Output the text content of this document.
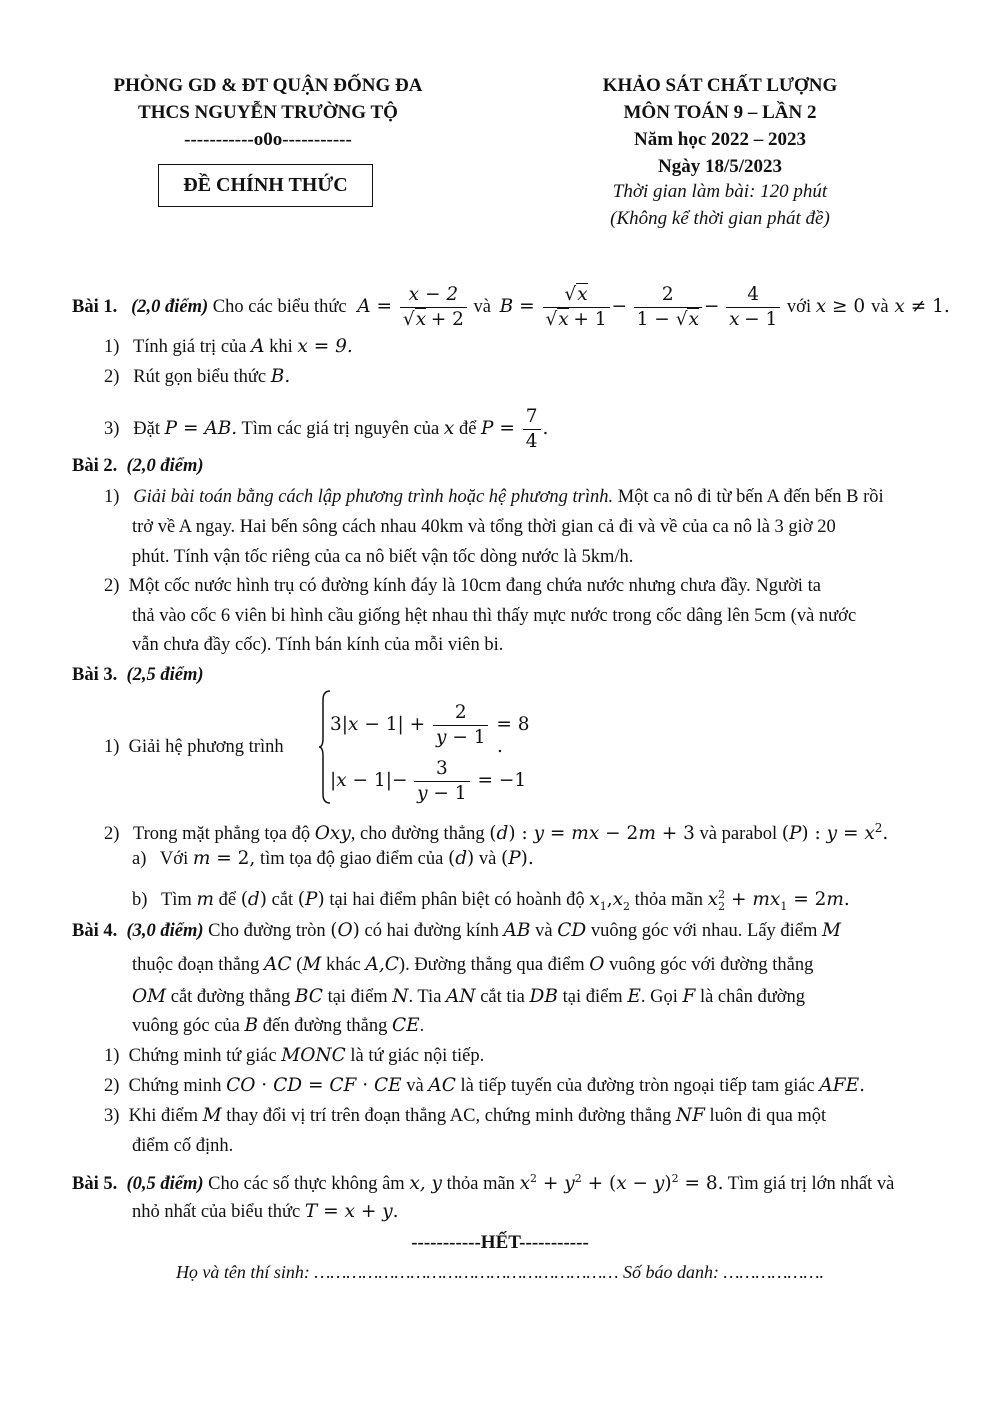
PHÒNG GD & ĐT QUẬN ĐỐNG ĐA
THCS NGUYỄN TRƯỜNG TỘ
-----------o0o-----------
ĐỀ CHÍNH THỨC
KHẢO SÁT CHẤT LƯỢNG
MÔN TOÁN 9 – LẦN 2
Năm học 2022 – 2023
Ngày 18/5/2023
Thời gian làm bài: 120 phút
(Không kể thời gian phát đề)
Bài 1. (2,0 điểm) Cho các biểu thức $A = \frac{x - 2}{√x + 2}$ và $B = \frac{√x}{√x + 1} - \frac{2}{1 - √x} - \frac{4}{x - 1}$ với x ≥ 0 và x ≠ 1.
1) Tính giá trị của A khi x = 9.
2) Rút gọn biểu thức B.
3) Đặt P = AB. Tìm các giá trị nguyên của x để $P = \frac{7}{4}$ .
Bài 2. (2,0 điểm)
1) Giải bài toán bằng cách lập phương trình hoặc hệ phương trình. Một ca nô đi từ bến A đến bến B rồi
trở về A ngay. Hai bến sông cách nhau 40km và tổng thời gian cả đi và về của ca nô là 3 giờ 20
phút. Tính vận tốc riêng của ca nô biết vận tốc dòng nước là 5km/h.
2) Một cốc nước hình trụ có đường kính đáy là 10cm đang chứa nước nhưng chưa đầy. Người ta
thả vào cốc 6 viên bi hình cầu giống hệt nhau thì thấy mực nước trong cốc dâng lên 5cm (và nước
vẫn chưa đầy cốc). Tính bán kính của mỗi viên bi.
Bài 3. (2,5 điểm)
1) Giải hệ phương trình
$3|x - 1| + \frac{2}{y - 1} = 8$
.
$|x - 1|- \frac{3}{y - 1} = -1$
2) Trong mặt phẳng tọa độ Oxy, cho đường thẳng (d) : y = mx − 2m + 3 và parabol (P) : $y = x^2$.
a) Với m = 2, tìm tọa độ giao điểm của (d) và (P).
b) Tìm m để (d) cắt (P) tại hai điểm phân biệt có hoành độ $x_1,x_2$ thỏa mãn $x^2_2 + mx_1 = 2m$.
Bài 4. (3,0 điểm) Cho đường tròn (O) có hai đường kính AB và CD vuông góc với nhau. Lấy điểm M
thuộc đoạn thẳng AC (M khác A,C). Đường thẳng qua điểm O vuông góc với đường thẳng
OM cắt đường thẳng BC tại điểm N. Tia AN cắt tia DB tại điểm E. Gọi F là chân đường
vuông góc của B đến đường thẳng CE.
1) Chứng minh tứ giác MONC là tứ giác nội tiếp.
2) Chứng minh CO · CD = CF · CE và AC là tiếp tuyến của đường tròn ngoại tiếp tam giác AFE.
3) Khi điểm M thay đổi vị trí trên đoạn thẳng AC, chứng minh đường thẳng NF luôn đi qua một
điểm cố định.
Bài 5. (0,5 điểm) Cho các số thực không âm x, y thỏa mãn $x^2 + y^2 + (x - y)^2 = 8$. Tìm giá trị lớn nhất và
nhỏ nhất của biểu thức T = x + y.
-----------HẾT-----------
Họ và tên thí sinh: ………………………………………………… Số báo danh: ……………….
